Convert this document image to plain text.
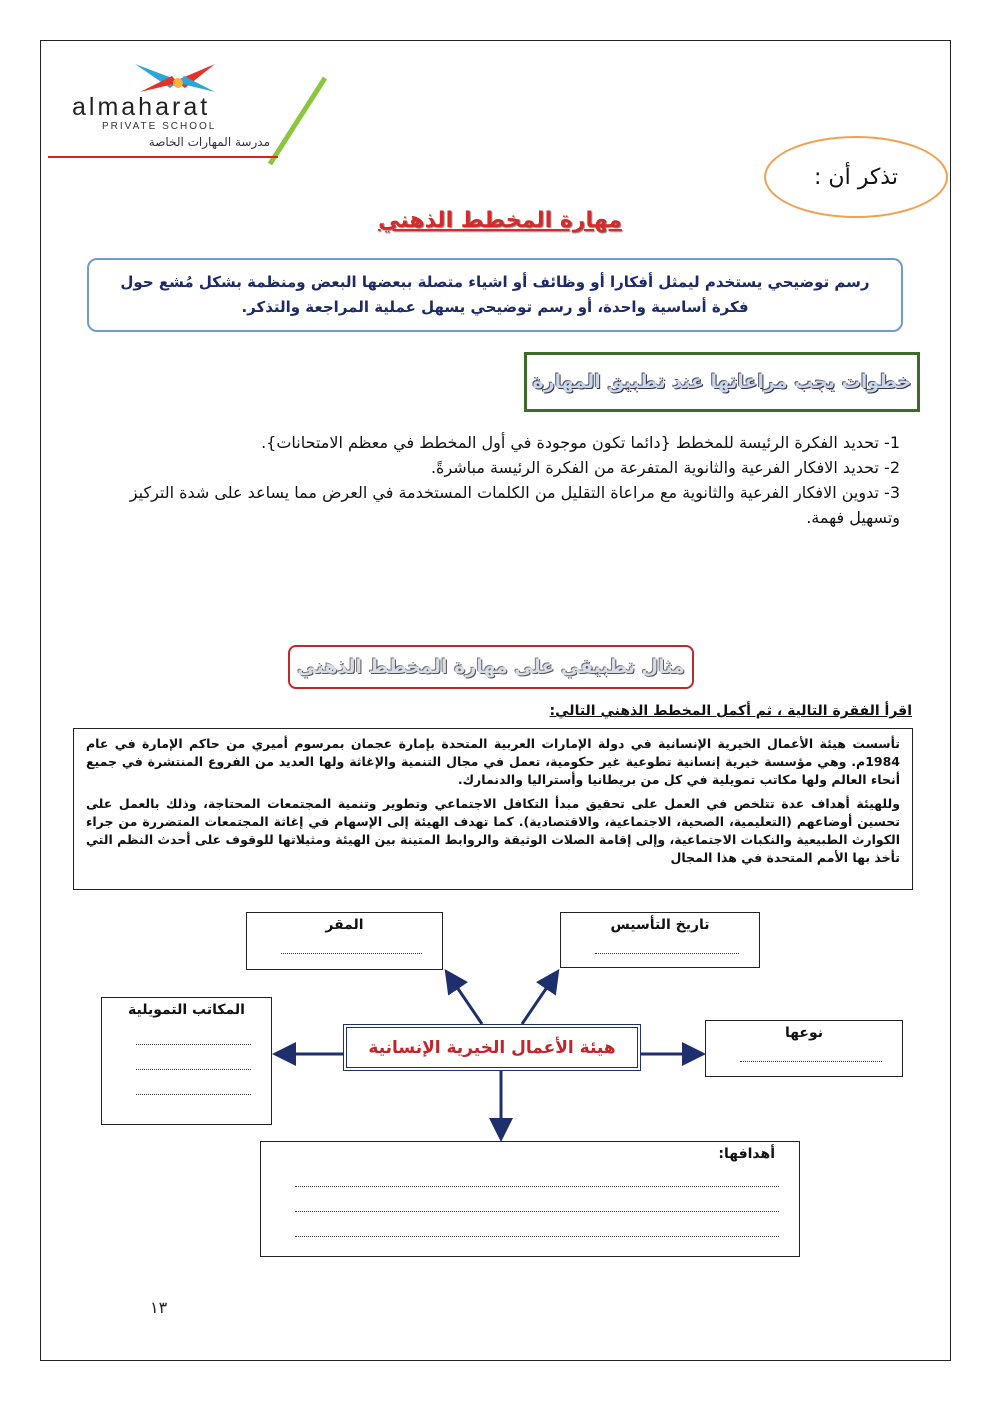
almaharat
PRIVATE SCHOOL
مدرسة المهارات الخاصة
تذكر أن :
مهارة المخطط الذهني
رسم توضيحي يستخدم ليمثل أفكارا أو وظائف أو اشياء متصلة ببعضها البعض ومنظمة بشكل مُشع حول فكرة أساسية واحدة، أو رسم توضيحي يسهل عملية المراجعة والتذكر.
خطوات يجب مراعاتها عند تطبيق المهارة
1- تحديد الفكرة الرئيسة للمخطط {دائما تكون موجودة في أول المخطط في معظم الامتحانات}.
2- تحديد الافكار الفرعية والثانوية المتفرعة من الفكرة الرئيسة مباشرةً.
3- تدوين الافكار الفرعية والثانوية مع مراعاة التقليل من الكلمات المستخدمة في العرض مما يساعد على شدة التركيز وتسهيل فهمة.
مثال تطبيقي على مهارة المخطط الذهني
اقرأ الفقرة التالية ، ثم أكمل المخطط الذهني التالي:

تأسست هيئة الأعمال الخيرية الإنسانية في دولة الإمارات العربية المتحدة بإمارة عجمان بمرسوم أميري من حاكم الإمارة في عام 1984م. وهي مؤسسة خيرية إنسانية تطوعية غير حكومية، تعمل في مجال التنمية والإغاثة ولها العديد من الفروع المنتشرة في جميع أنحاء العالم ولها مكاتب تمويلية في كل من بريطانيا وأستراليا والدنمارك.

وللهيئة أهداف عدة تتلخص في العمل على تحقيق مبدأ التكافل الاجتماعي وتطوير وتنمية المجتمعات المحتاجة، وذلك بالعمل على تحسين أوضاعهم (التعليمية، الصحية، الاجتماعية، والاقتصادية). كما تهدف الهيئة إلى الإسهام في إغاثة المجتمعات المتضررة من جراء الكوارث الطبيعية والنكبات الاجتماعية، وإلى إقامة الصلات الوثيقة والروابط المتينة بين الهيئة ومثيلاتها للوقوف على أحدث النظم التي تأخذ بها الأمم المتحدة في هذا المجال

تاريخ التأسيس
المقر
المكاتب التمويلية
هيئة الأعمال الخيرية الإنسانية
نوعها
أهدافها:
١٣
